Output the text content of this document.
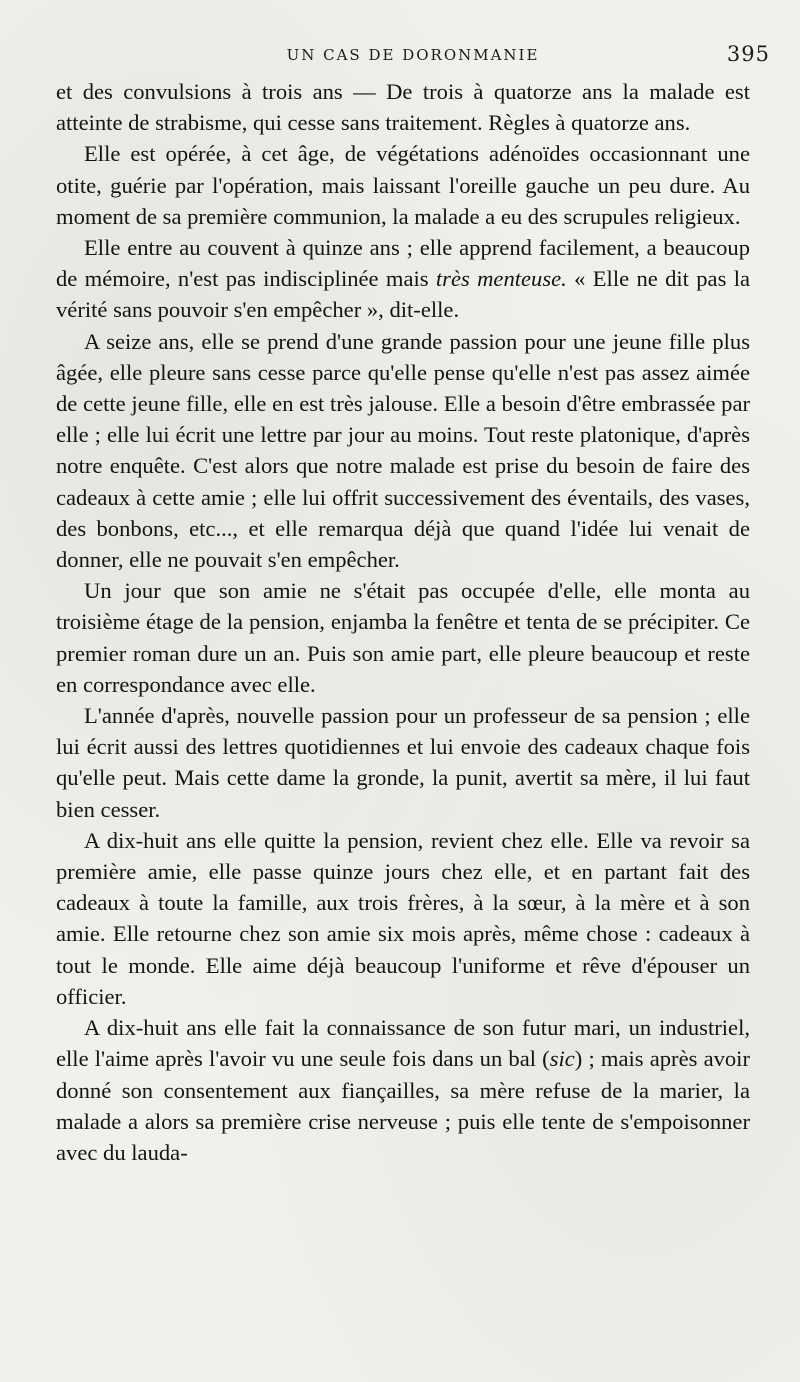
UN CAS DE DORONMANIE	395

et des convulsions à trois ans — De trois à quatorze ans la malade est atteinte de strabisme, qui cesse sans traitement. Règles à quatorze ans.

Elle est opérée, à cet âge, de végétations adénoïdes occasionnant une otite, guérie par l'opération, mais laissant l'oreille gauche un peu dure. Au moment de sa première communion, la malade a eu des scrupules religieux.

Elle entre au couvent à quinze ans ; elle apprend facilement, a beaucoup de mémoire, n'est pas indisciplinée mais très menteuse. « Elle ne dit pas la vérité sans pouvoir s'en empêcher », dit-elle.

A seize ans, elle se prend d'une grande passion pour une jeune fille plus âgée, elle pleure sans cesse parce qu'elle pense qu'elle n'est pas assez aimée de cette jeune fille, elle en est très jalouse. Elle a besoin d'être embrassée par elle ; elle lui écrit une lettre par jour au moins. Tout reste platonique, d'après notre enquête. C'est alors que notre malade est prise du besoin de faire des cadeaux à cette amie ; elle lui offrit successivement des éventails, des vases, des bonbons, etc..., et elle remarqua déjà que quand l'idée lui venait de donner, elle ne pouvait s'en empêcher.

Un jour que son amie ne s'était pas occupée d'elle, elle monta au troisième étage de la pension, enjamba la fenêtre et tenta de se précipiter. Ce premier roman dure un an. Puis son amie part, elle pleure beaucoup et reste en correspondance avec elle.

L'année d'après, nouvelle passion pour un professeur de sa pension ; elle lui écrit aussi des lettres quotidiennes et lui envoie des cadeaux chaque fois qu'elle peut. Mais cette dame la gronde, la punit, avertit sa mère, il lui faut bien cesser.

A dix-huit ans elle quitte la pension, revient chez elle. Elle va revoir sa première amie, elle passe quinze jours chez elle, et en partant fait des cadeaux à toute la famille, aux trois frères, à la sœur, à la mère et à son amie. Elle retourne chez son amie six mois après, même chose : cadeaux à tout le monde. Elle aime déjà beaucoup l'uniforme et rêve d'épouser un officier.

A dix-huit ans elle fait la connaissance de son futur mari, un industriel, elle l'aime après l'avoir vu une seule fois dans un bal (sic) ; mais après avoir donné son consentement aux fiançailles, sa mère refuse de la marier, la malade a alors sa première crise nerveuse ; puis elle tente de s'empoisonner avec du lauda-
